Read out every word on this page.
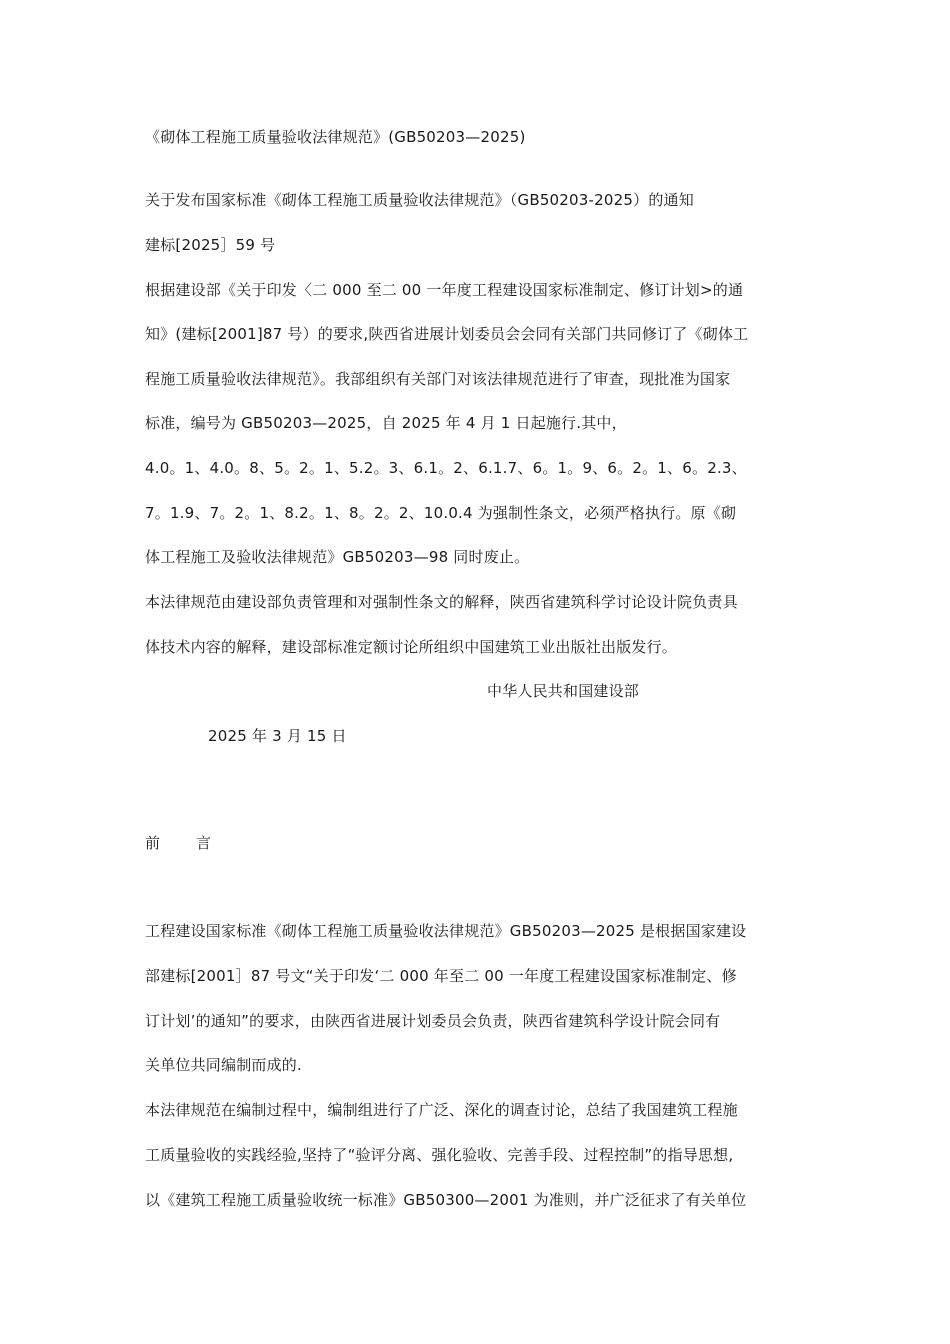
《砌体工程施工质量验收法律规范》(GB50203—2025)
关于发布国家标准《砌体工程施工质量验收法律规范》（GB50203-2025）的通知
建标[2025］59 号
根据建设部《关于印发〈二 000 至二 00 一年度工程建设国家标准制定、修订计划>的通
知》(建标[2001]87 号）的要求,陕西省进展计划委员会会同有关部门共同修订了《砌体工
程施工质量验收法律规范》。我部组织有关部门对该法律规范进行了审查，现批准为国家
标准，编号为 GB50203—2025，自 2025 年 4 月 1 日起施行.其中，
4.0。1、4.0。8、5。2。1、5.2。3、6.1。2、6.1.7、6。1。9、6。2。1、6。2.3、
7。1.9、7。2。1、8.2。1、8。2。2、10.0.4 为强制性条文，必须严格执行。原《砌
体工程施工及验收法律规范》GB50203—98 同时废止。
本法律规范由建设部负责管理和对强制性条文的解释，陕西省建筑科学讨论设计院负责具
体技术内容的解释，建设部标准定额讨论所组织中国建筑工业出版社出版发行。
中华人民共和国建设部
2025 年 3 月 15 日
前 言
工程建设国家标准《砌体工程施工质量验收法律规范》GB50203—2025 是根据国家建设
部建标[2001］87 号文“关于印发‘二 000 年至二 00 一年度工程建设国家标准制定、修
订计划’的通知”的要求，由陕西省进展计划委员会负责，陕西省建筑科学设计院会同有
关单位共同编制而成的.
本法律规范在编制过程中，编制组进行了广泛、深化的调查讨论，总结了我国建筑工程施
工质量验收的实践经验,坚持了“验评分离、强化验收、完善手段、过程控制”的指导思想,
以《建筑工程施工质量验收统一标准》GB50300—2001 为准则，并广泛征求了有关单位
